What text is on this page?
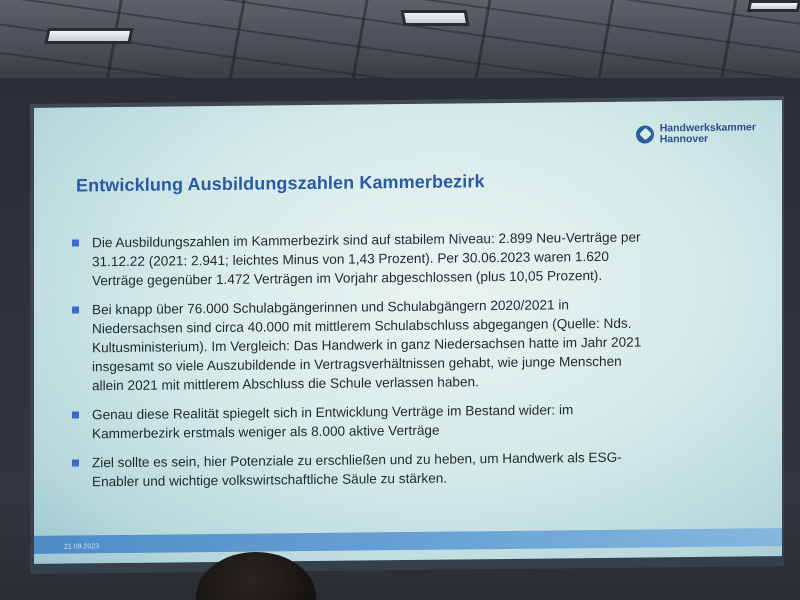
Handwerkskammer
Hannover
Entwicklung Ausbildungszahlen Kammerbezirk
Die Ausbildungszahlen im Kammerbezirk sind auf stabilem Niveau: 2.899 Neu-Verträge per
31.12.22 (2021: 2.941; leichtes Minus von 1,43 Prozent). Per 30.06.2023 waren 1.620
Verträge gegenüber 1.472 Verträgen im Vorjahr abgeschlossen (plus 10,05 Prozent).
Bei knapp über 76.000 Schulabgängerinnen und Schulabgängern 2020/2021 in
Niedersachsen sind circa 40.000 mit mittlerem Schulabschluss abgegangen (Quelle: Nds.
Kultusministerium). Im Vergleich: Das Handwerk in ganz Niedersachsen hatte im Jahr 2021
insgesamt so viele Auszubildende in Vertragsverhältnissen gehabt, wie junge Menschen
allein 2021 mit mittlerem Abschluss die Schule verlassen haben.
Genau diese Realität spiegelt sich in Entwicklung Verträge im Bestand wider: im
Kammerbezirk erstmals weniger als 8.000 aktive Verträge
Ziel sollte es sein, hier Potenziale zu erschließen und zu heben, um Handwerk als ESG-
Enabler und wichtige volkswirtschaftliche Säule zu stärken.
21.09.2023
